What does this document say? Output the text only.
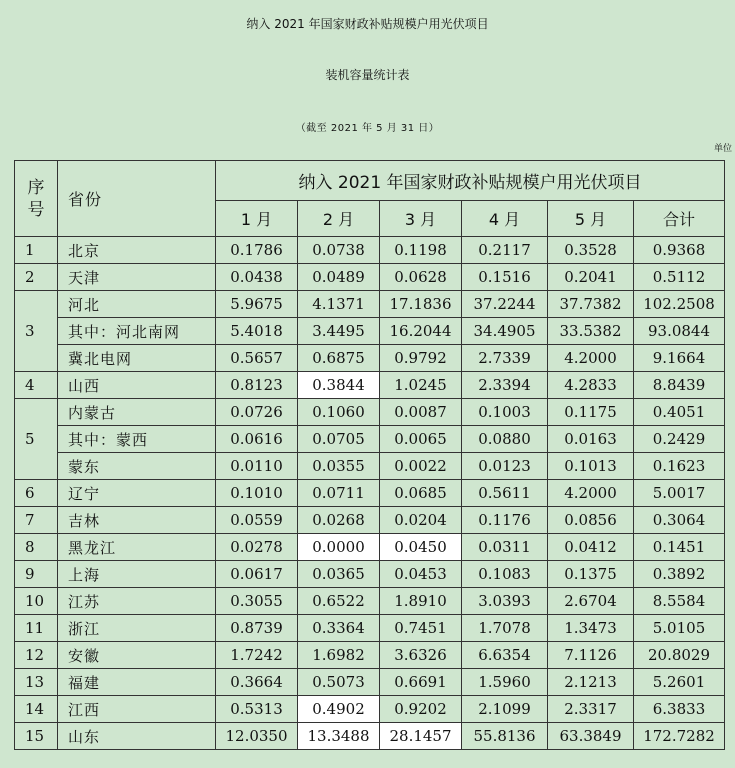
纳入 2021 年国家财政补贴规模户用光伏项目
装机容量统计表
（截至 2021 年 5 月 31 日）
单位
序号	省份	纳入 2021 年国家财政补贴规模户用光伏项目					
		1 月	2 月	3 月	4 月	5 月	合计
1	北京	0.1786	0.0738	0.1198	0.2117	0.3528	0.9368
2	天津	0.0438	0.0489	0.0628	0.1516	0.2041	0.5112
3	河北	5.9675	4.1371	17.1836	37.2244	37.7382	102.2508
	其中：河北南网	5.4018	3.4495	16.2044	34.4905	33.5382	93.0844
	冀北电网	0.5657	0.6875	0.9792	2.7339	4.2000	9.1664
4	山西	0.8123	0.3844	1.0245	2.3394	4.2833	8.8439
5	内蒙古	0.0726	0.1060	0.0087	0.1003	0.1175	0.4051
	其中：蒙西	0.0616	0.0705	0.0065	0.0880	0.0163	0.2429
	蒙东	0.0110	0.0355	0.0022	0.0123	0.1013	0.1623
6	辽宁	0.1010	0.0711	0.0685	0.5611	4.2000	5.0017
7	吉林	0.0559	0.0268	0.0204	0.1176	0.0856	0.3064
8	黑龙江	0.0278	0.0000	0.0450	0.0311	0.0412	0.1451
9	上海	0.0617	0.0365	0.0453	0.1083	0.1375	0.3892
10	江苏	0.3055	0.6522	1.8910	3.0393	2.6704	8.5584
11	浙江	0.8739	0.3364	0.7451	1.7078	1.3473	5.0105
12	安徽	1.7242	1.6982	3.6326	6.6354	7.1126	20.8029
13	福建	0.3664	0.5073	0.6691	1.5960	2.1213	5.2601
14	江西	0.5313	0.4902	0.9202	2.1099	2.3317	6.3833
15	山东	12.0350	13.3488	28.1457	55.8136	63.3849	172.7282
